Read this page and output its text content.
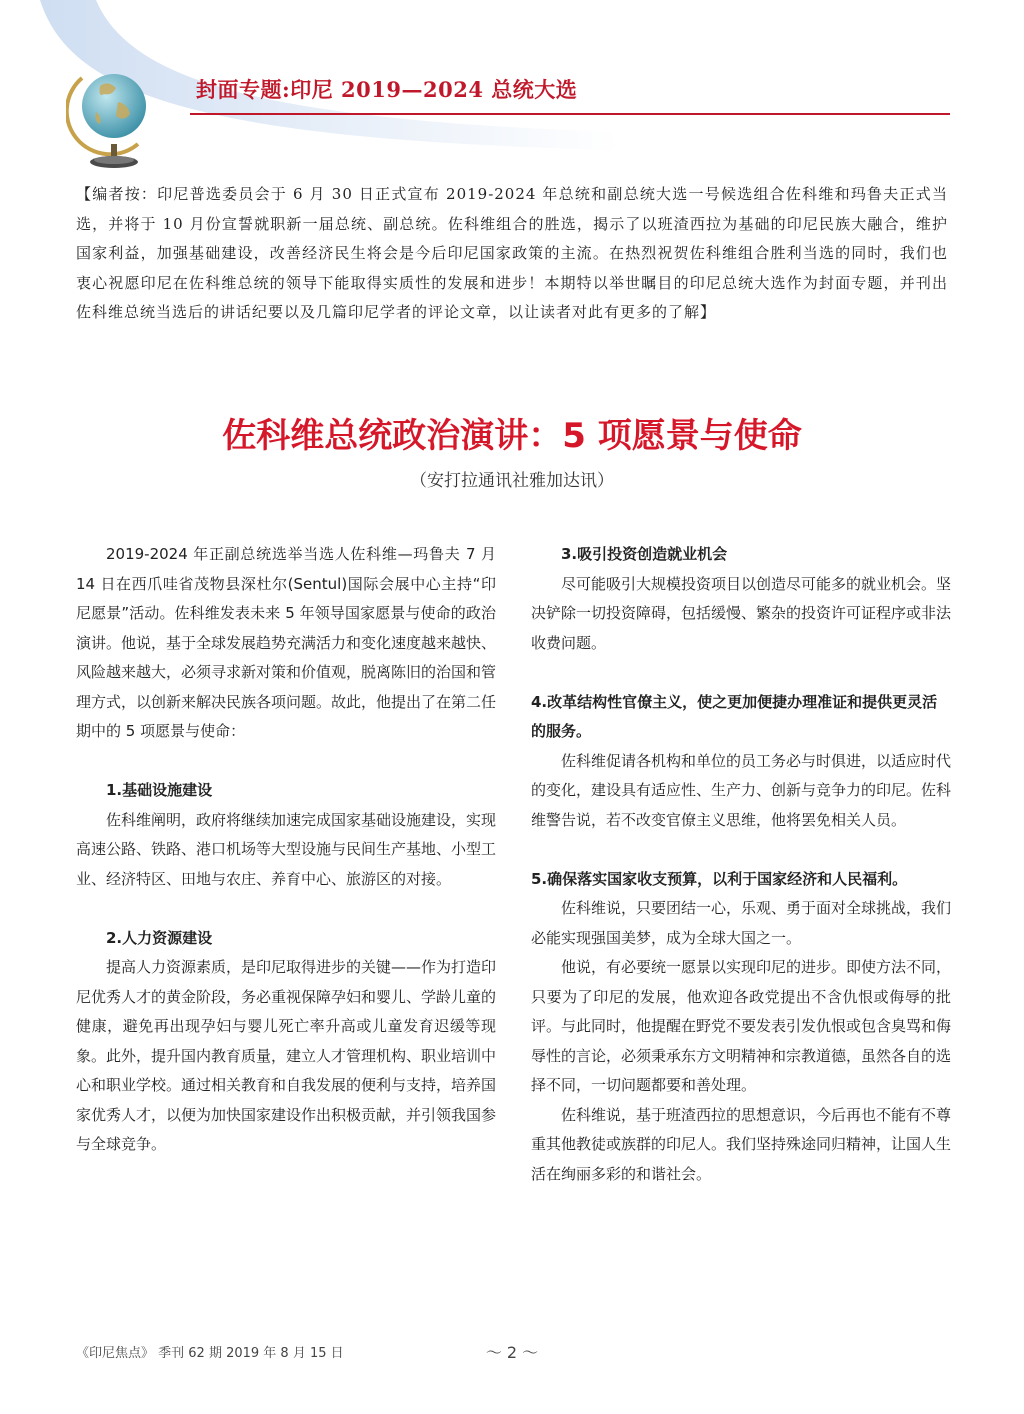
封面专题:印尼 2019—2024 总统大选
【编者按：印尼普选委员会于 6 月 30 日正式宣布 2019-2024 年总统和副总统大选一号候选组合佐科维和玛鲁夫正式当选，并将于 10 月份宣誓就职新一届总统、副总统。佐科维组合的胜选，揭示了以班渣西拉为基础的印尼民族大融合，维护国家利益，加强基础建设，改善经济民生将会是今后印尼国家政策的主流。在热烈祝贺佐科维组合胜利当选的同时，我们也衷心祝愿印尼在佐科维总统的领导下能取得实质性的发展和进步！本期特以举世瞩目的印尼总统大选作为封面专题，并刊出佐科维总统当选后的讲话纪要以及几篇印尼学者的评论文章，以让读者对此有更多的了解】
佐科维总统政治演讲：5 项愿景与使命
（安打拉通讯社雅加达讯）

2019-2024 年正副总统选举当选人佐科维—玛鲁夫 7 月 14 日在西爪哇省茂物县深杜尔(Sentul)国际会展中心主持“印尼愿景”活动。佐科维发表未来 5 年领导国家愿景与使命的政治演讲。他说，基于全球发展趋势充满活力和变化速度越来越快、风险越来越大，必须寻求新对策和价值观，脱离陈旧的治国和管理方式，以创新来解决民族各项问题。故此，他提出了在第二任期中的 5 项愿景与使命：

1.基础设施建设

佐科维阐明，政府将继续加速完成国家基础设施建设，实现高速公路、铁路、港口机场等大型设施与民间生产基地、小型工业、经济特区、田地与农庄、养育中心、旅游区的对接。

2.人力资源建设

提高人力资源素质，是印尼取得进步的关键——作为打造印尼优秀人才的黄金阶段，务必重视保障孕妇和婴儿、学龄儿童的健康，避免再出现孕妇与婴儿死亡率升高或儿童发育迟缓等现象。此外，提升国内教育质量，建立人才管理机构、职业培训中心和职业学校。通过相关教育和自我发展的便利与支持，培养国家优秀人才，以便为加快国家建设作出积极贡献，并引领我国参与全球竞争。

3.吸引投资创造就业机会

尽可能吸引大规模投资项目以创造尽可能多的就业机会。坚决铲除一切投资障碍，包括缓慢、繁杂的投资许可证程序或非法收费问题。

4.改革结构性官僚主义，使之更加便捷办理准证和提供更灵活的服务。

佐科维促请各机构和单位的员工务必与时俱进，以适应时代的变化，建设具有适应性、生产力、创新与竞争力的印尼。佐科维警告说，若不改变官僚主义思维，他将罢免相关人员。

5.确保落实国家收支预算，以利于国家经济和人民福利。

佐科维说，只要团结一心，乐观、勇于面对全球挑战，我们必能实现强国美梦，成为全球大国之一。

他说，有必要统一愿景以实现印尼的进步。即使方法不同，只要为了印尼的发展，他欢迎各政党提出不含仇恨或侮辱的批评。与此同时，他提醒在野党不要发表引发仇恨或包含臭骂和侮辱性的言论，必须秉承东方文明精神和宗教道德，虽然各自的选择不同，一切问题都要和善处理。

佐科维说，基于班渣西拉的思想意识，今后再也不能有不尊重其他教徒或族群的印尼人。我们坚持殊途同归精神，让国人生活在绚丽多彩的和谐社会。

《印尼焦点》 季刊 62 期 2019 年 8 月 15 日	～ 2 ～
